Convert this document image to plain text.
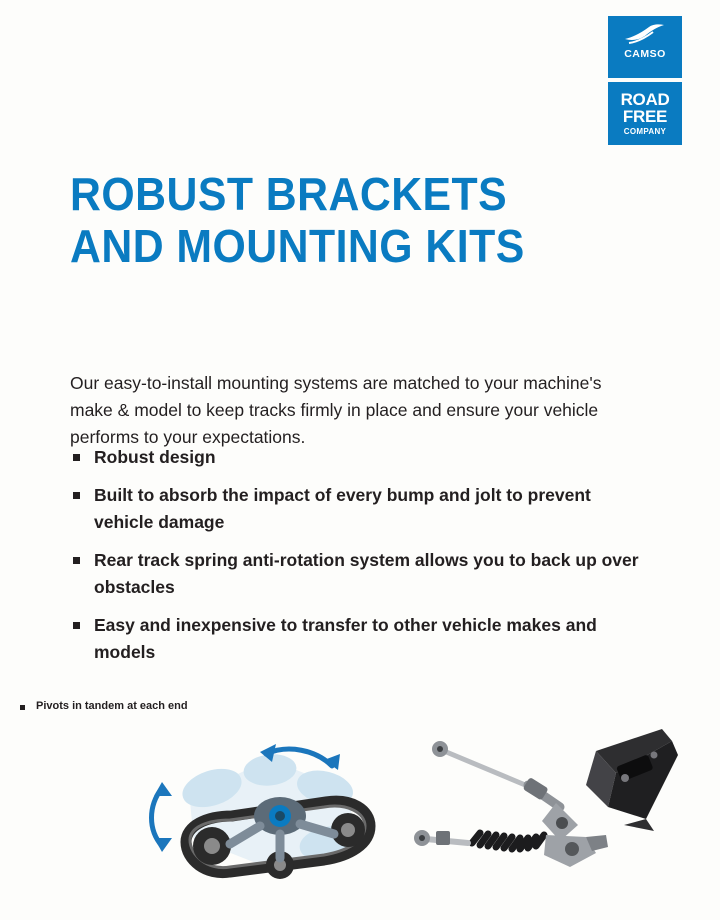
CAMSO
ROAD
FREE
COMPANY
ROBUST BRACKETS
AND MOUNTING KITS

Our easy-to-install mounting systems are matched to your machine's make & model to keep tracks firmly in place and ensure your vehicle performs to your expectations.

Robust design
Built to absorb the impact of every bump and jolt to prevent vehicle damage
Rear track spring anti-rotation system allows you to back up over obstacles
Easy and inexpensive to transfer to other vehicle makes and models
Pivots in tandem at each end
